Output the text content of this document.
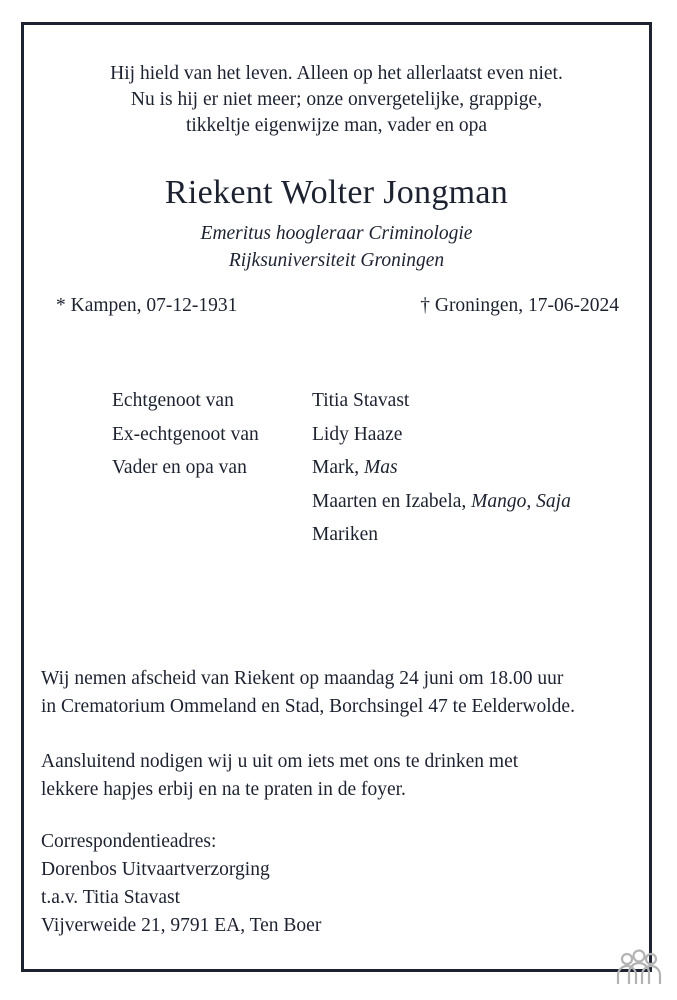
Hij hield van het leven. Alleen op het allerlaatst even niet.
Nu is hij er niet meer; onze onvergetelijke, grappige,
tikkeltje eigenwijze man, vader en opa
Riekent Wolter Jongman
Emeritus hoogleraar Criminologie
Rijksuniversiteit Groningen
* Kampen, 07-12-1931	† Groningen, 17-06-2024
Echtgenoot van	Titia Stavast
Ex-echtgenoot van	Lidy Haaze
Vader en opa van	Mark, Mas
Maarten en Izabela, Mango, Saja
Mariken
Wij nemen afscheid van Riekent op maandag 24 juni om 18.00 uur
in Crematorium Ommeland en Stad, Borchsingel 47 te Eelderwolde.
Aansluitend nodigen wij u uit om iets met ons te drinken met
lekkere hapjes erbij en na te praten in de foyer.
Correspondentieadres:
Dorenbos Uitvaartverzorging
t.a.v. Titia Stavast
Vijverweide 21, 9791 EA, Ten Boer
